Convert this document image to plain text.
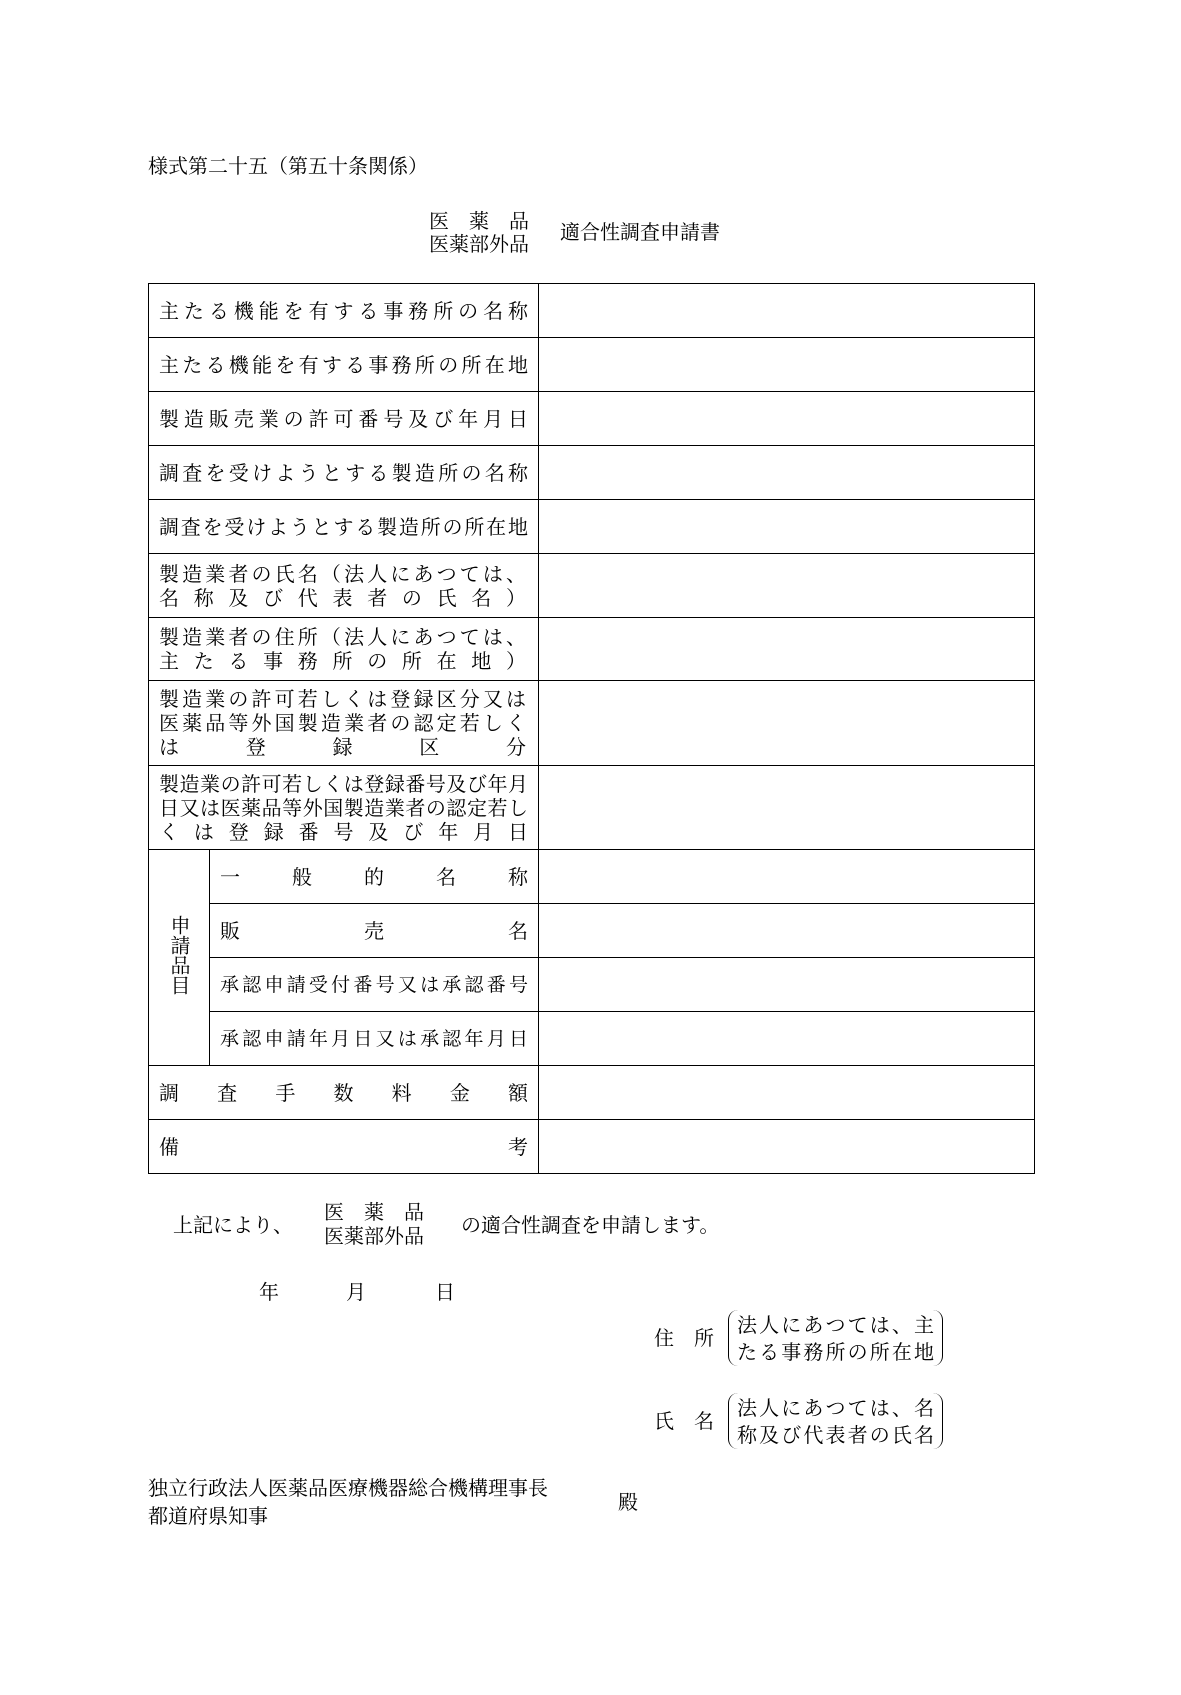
様式第二十五（第五十条関係）
医　薬　品
医薬部外品 適合性調査申請書
主たる機能を有する事務所の名称		
主たる機能を有する事務所の所在地		
製造販売業の許可番号及び年月日		
調査を受けようとする製造所の名称		
調査を受けようとする製造所の所在地		
製造業者の氏名（法人にあつては、名称及び代表者の氏名）		
製造業者の住所（法人にあつては、主たる事務所の所在地）		
製造業の許可若しくは登録区分又は医薬品等外国製造業者の認定若しくは登録区分		
製造業の許可若しくは登録番号及び年月日又は医薬品等外国製造業者の認定若しくは登録番号及び年月日		
申請品目	一般的名称	
	販売名	
	承認申請受付番号又は承認番号	
	承認申請年月日又は承認年月日	
調査手数料金額		
備考		
上記により、
医　薬　品
医薬部外品 の適合性調査を申請します。
年	月	日
住　所
法人にあつては、主
たる事務所の所在地
氏　名
法人にあつては、名
称及び代表者の氏名
独立行政法人医薬品医療機器総合機構理事長
都道府県知事
殿
